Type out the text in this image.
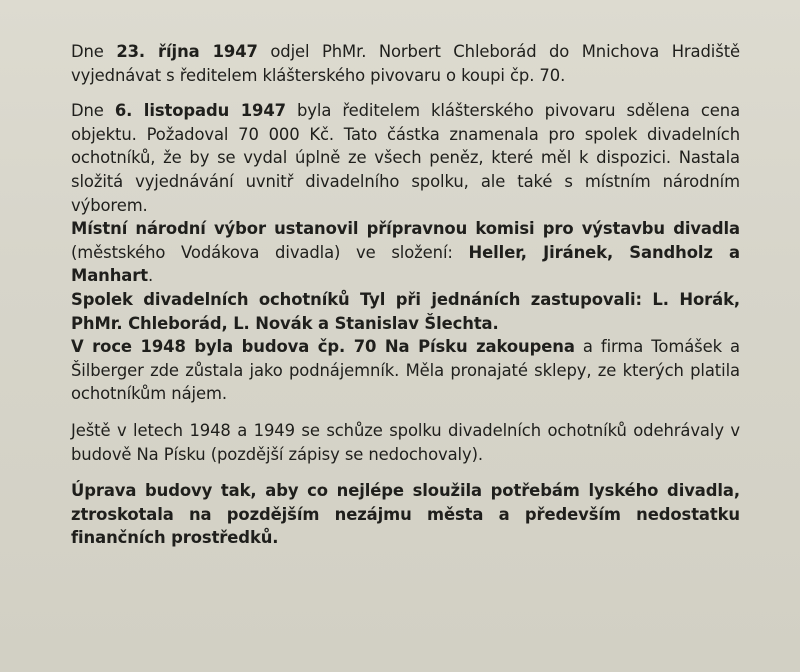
Dne 23. října 1947 odjel PhMr. Norbert Chleborád do Mnichova Hradiště vyjednávat s ředitelem klášterského pivovaru o koupi čp. 70.

Dne 6. listopadu 1947 byla ředitelem klášterského pivovaru sdělena cena objektu. Požadoval 70 000 Kč. Tato částka znamenala pro spolek divadelních ochotníků, že by se vydal úplně ze všech peněz, které měl k dispozici. Nastala složitá vyjednávání uvnitř divadelního spolku, ale také s místním národním výborem.

Místní národní výbor ustanovil přípravnou komisi pro výstavbu divadla (městského Vodákova divadla) ve složení: Heller, Jiránek, Sandholz a Manhart.

Spolek divadelních ochotníků Tyl při jednáních zastupovali: L. Horák, PhMr. Chleborád, L. Novák a Stanislav Šlechta.

V roce 1948 byla budova čp. 70 Na Písku zakoupena a firma Tomášek a Šilberger zde zůstala jako podnájemník. Měla pronajaté sklepy, ze kterých platila ochotníkům nájem.

Ještě v letech 1948 a 1949 se schůze spolku divadelních ochotníků odehrávaly v budově Na Písku (pozdější zápisy se nedochovaly).

Úprava budovy tak, aby co nejlépe sloužila potřebám lyského divadla, ztroskotala na pozdějším nezájmu města a především nedostatku finančních prostředků.
